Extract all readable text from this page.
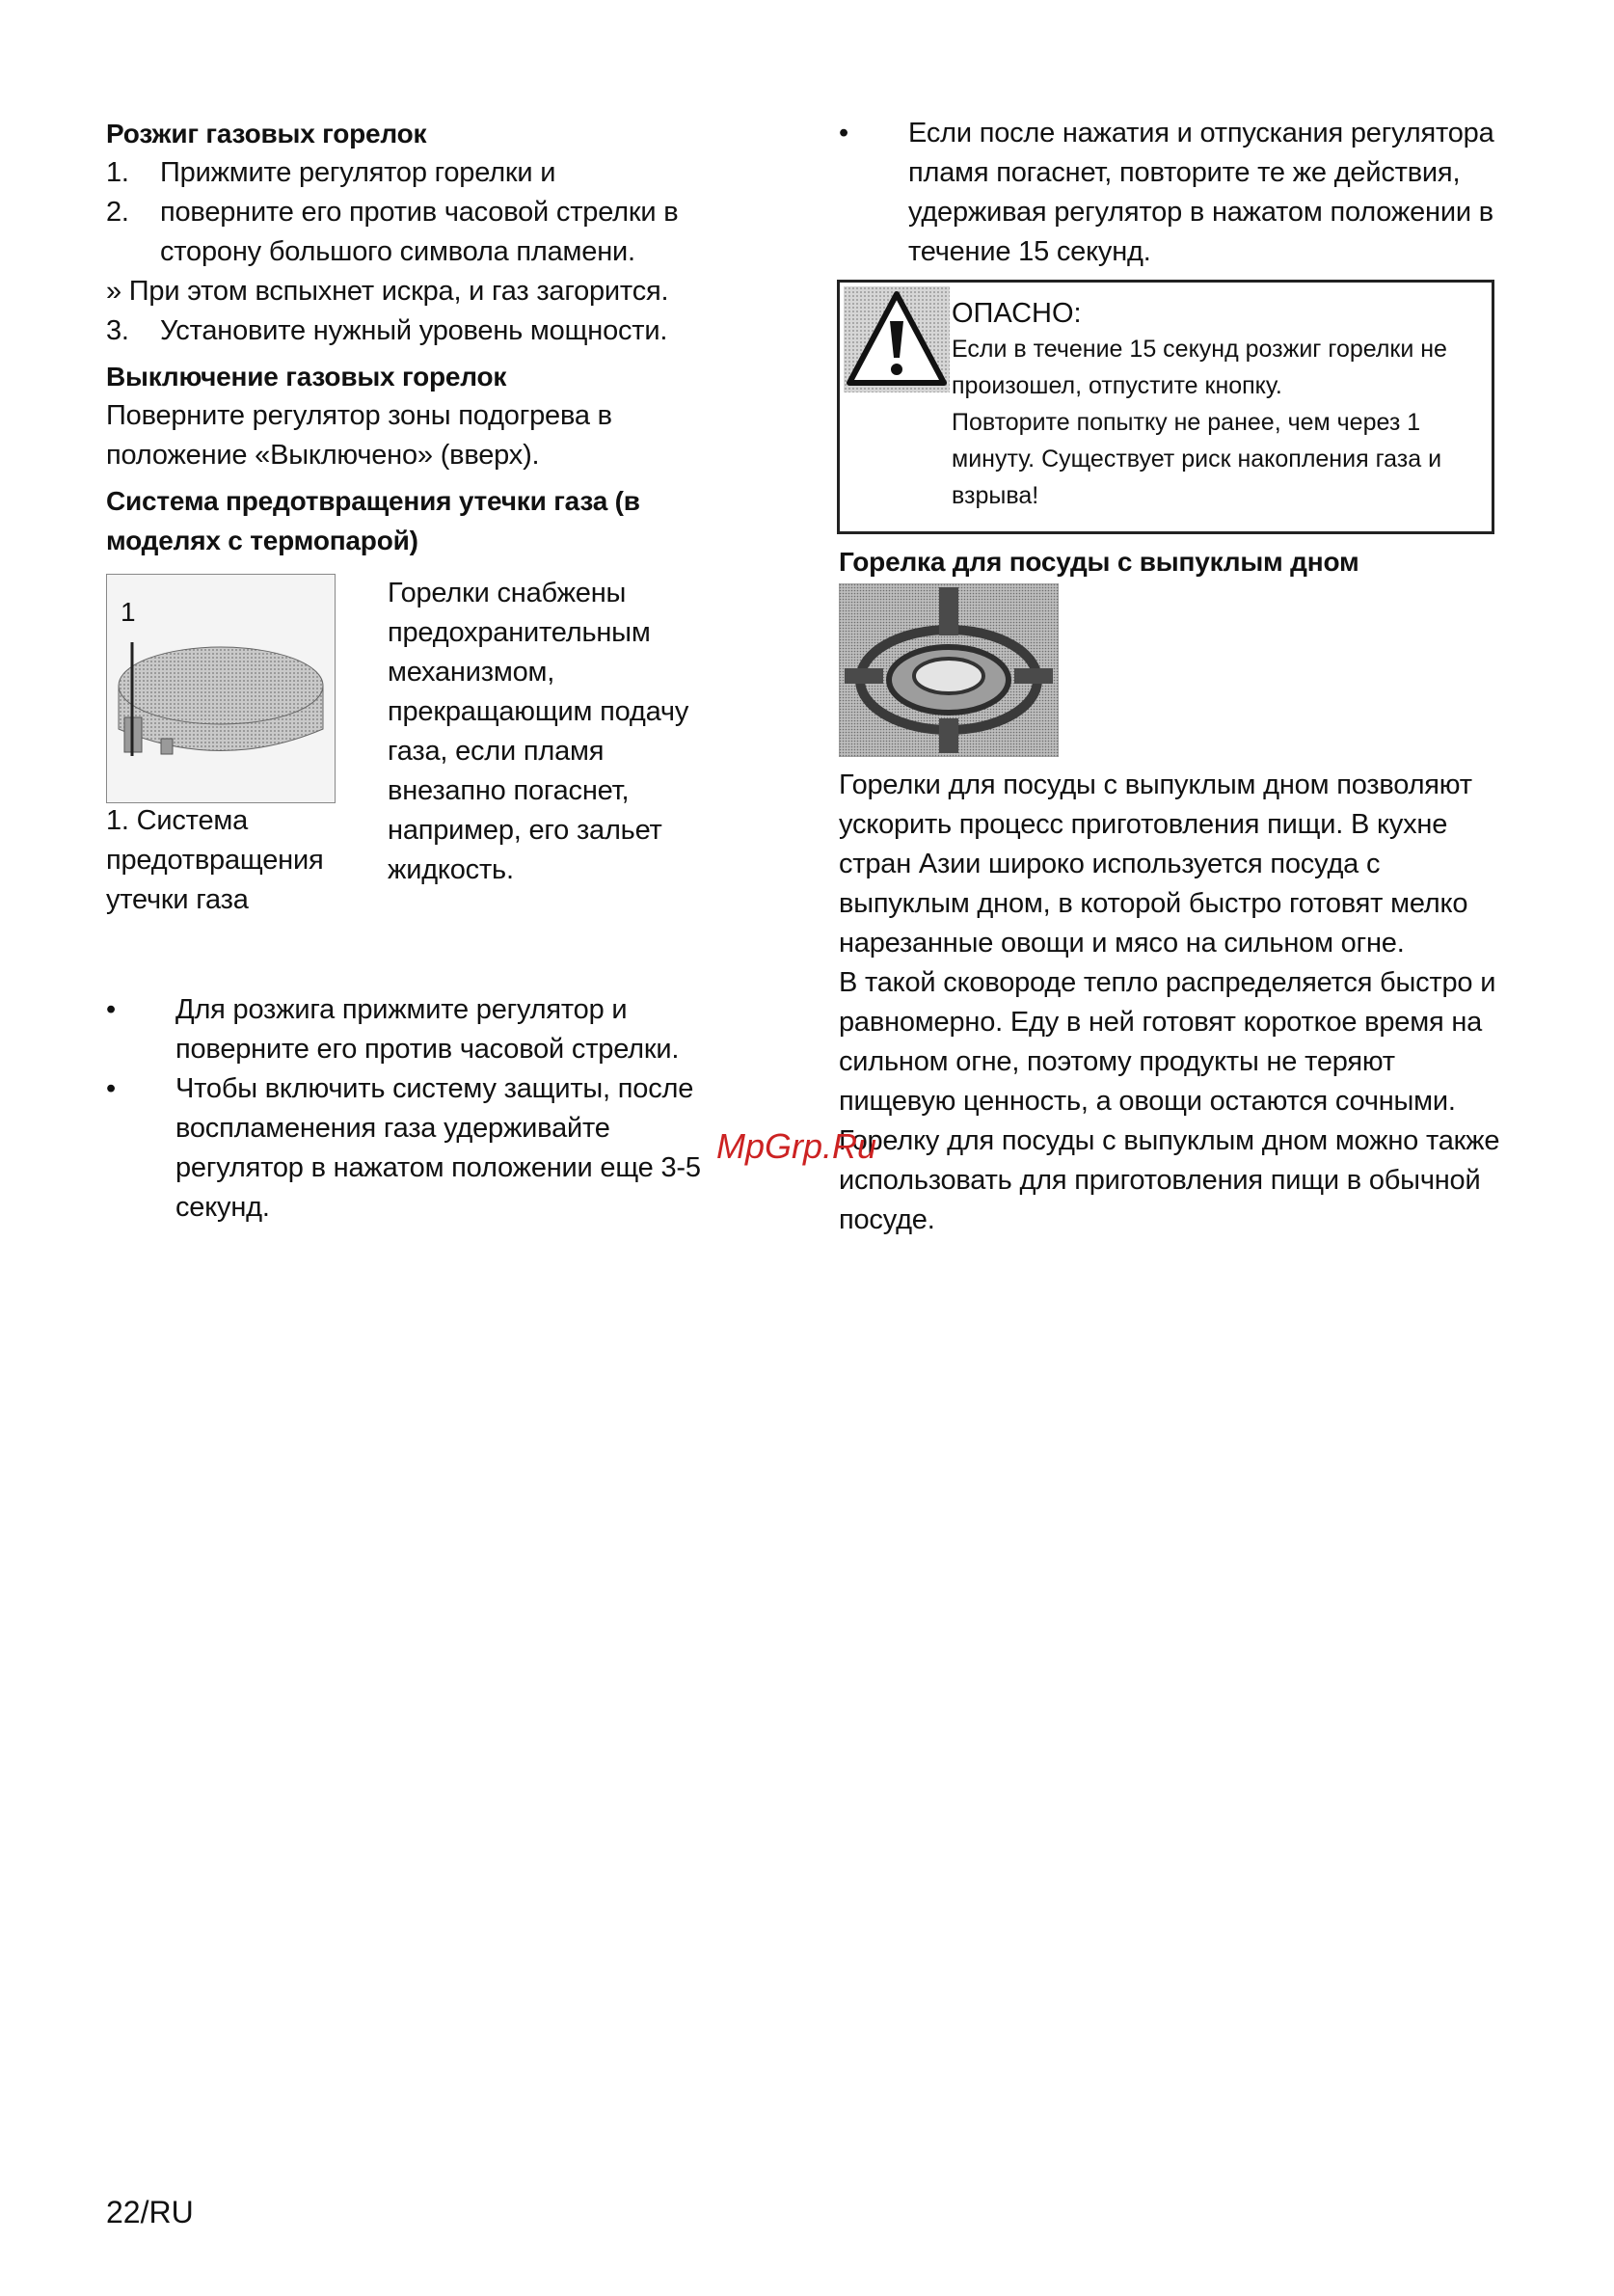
Розжиг газовых горелок
1.	Прижмите регулятор горелки и
2.	поверните его против часовой стрелки в сторону большого символа пламени.
» При этом вспыхнет искра, и газ загорится.
3.	Установите нужный уровень мощности.
Выключение газовых горелок
Поверните регулятор зоны подогрева в положение «Выключено» (вверх).
Система предотвращения утечки газа (в моделях с термопарой)
1
1. Система предотвращения утечки газа
Горелки снабжены предохранительным механизмом, прекращающим подачу газа, если пламя внезапно погаснет, например, его зальет жидкость.
•	Для розжига прижмите регулятор и поверните его против часовой стрелки.
•	Чтобы включить систему защиты, после воспламенения газа удерживайте регулятор в нажатом положении еще 3-5 секунд.
•	Если после нажатия и отпускания регулятора пламя погаснет, повторите те же действия, удерживая регулятор в нажатом положении в течение 15 секунд.
ОПАСНО:
Если в течение 15 секунд розжиг горелки не произошел, отпустите кнопку.
Повторите попытку не ранее, чем через 1 минуту. Существует риск накопления газа и взрыва!
Горелка для посуды с выпуклым дном
Горелки для посуды с выпуклым дном позволяют ускорить процесс приготовления пищи. В кухне стран Азии широко используется посуда с выпуклым дном, в которой быстро готовят мелко нарезанные овощи и мясо на сильном огне.
В такой сковороде тепло распределяется быстро и равномерно. Еду в ней готовят короткое время на сильном огне, поэтому продукты не теряют пищевую ценность, а овощи остаются сочными. Горелку для посуды с выпуклым дном можно также использовать для приготовления пищи в обычной посуде.
MpGrp.Ru
22/RU
